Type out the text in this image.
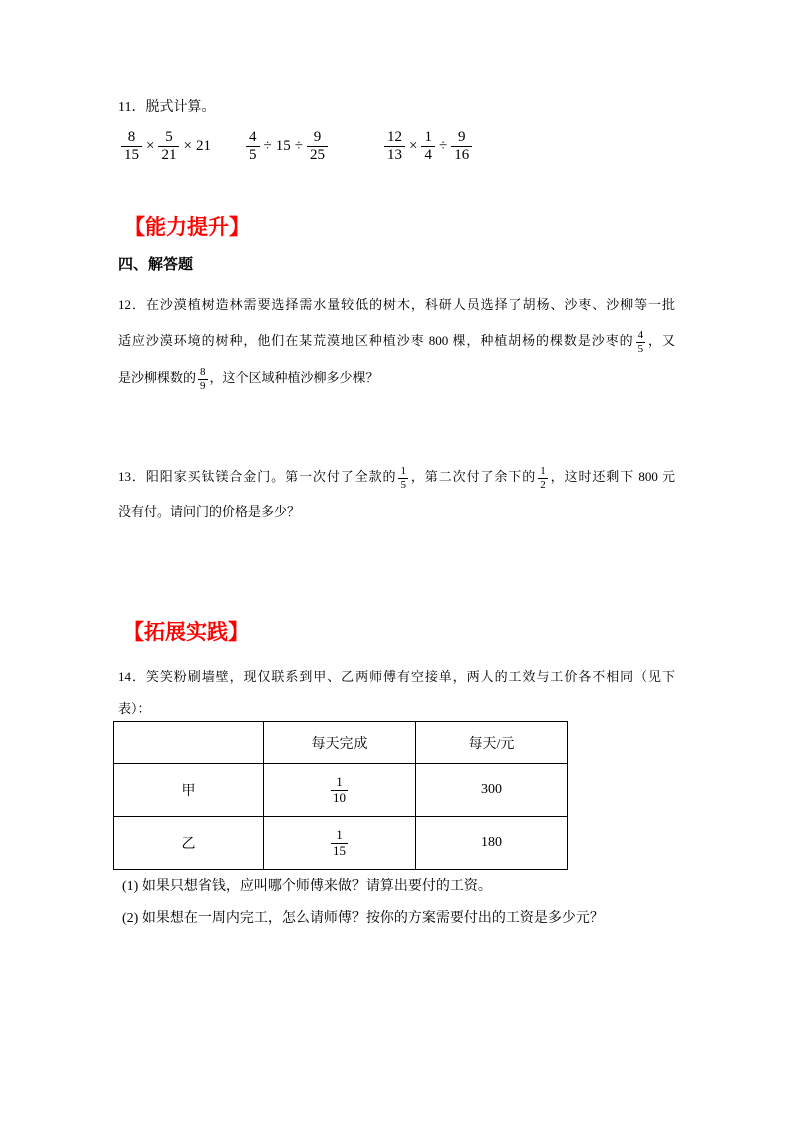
11．脱式计算。
$\frac{8}{15} \times \frac{5}{21} \times 21 \frac{4}{5} \div 15 \div \frac{9}{25}$	$\frac{12}{13} \times \frac{1}{4} \div \frac{9}{16}$
【能力提升】
四、解答题
12．在沙漠植树造林需要选择需水量较低的树木，科研人员选择了胡杨、沙枣、沙柳等一批
适应沙漠环境的树种，他们在某荒漠地区种植沙枣 800 棵，种植胡杨的棵数是沙枣的 $\frac{4}{5}$ ，又
是沙柳棵数的 $\frac{8}{9}$ ，这个区域种植沙柳多少棵？
13．阳阳家买钛镁合金门。第一次付了全款的 $\frac{1}{5}$ ，第二次付了余下的 $\frac{1}{2}$ ，这时还剩下 800 元
没有付。请问门的价格是多少？
【拓展实践】
14．笑笑粉刷墙壁，现仅联系到甲、乙两师傅有空接单，两人的工效与工价各不相同（见下
表）：
	每天完成	每天/元
甲	$\frac{1}{10}$	300
乙	$\frac{1}{15}$	180
(1) 如果只想省钱，应叫哪个师傅来做？请算出要付的工资。
(2) 如果想在一周内完工，怎么请师傅？按你的方案需要付出的工资是多少元？
